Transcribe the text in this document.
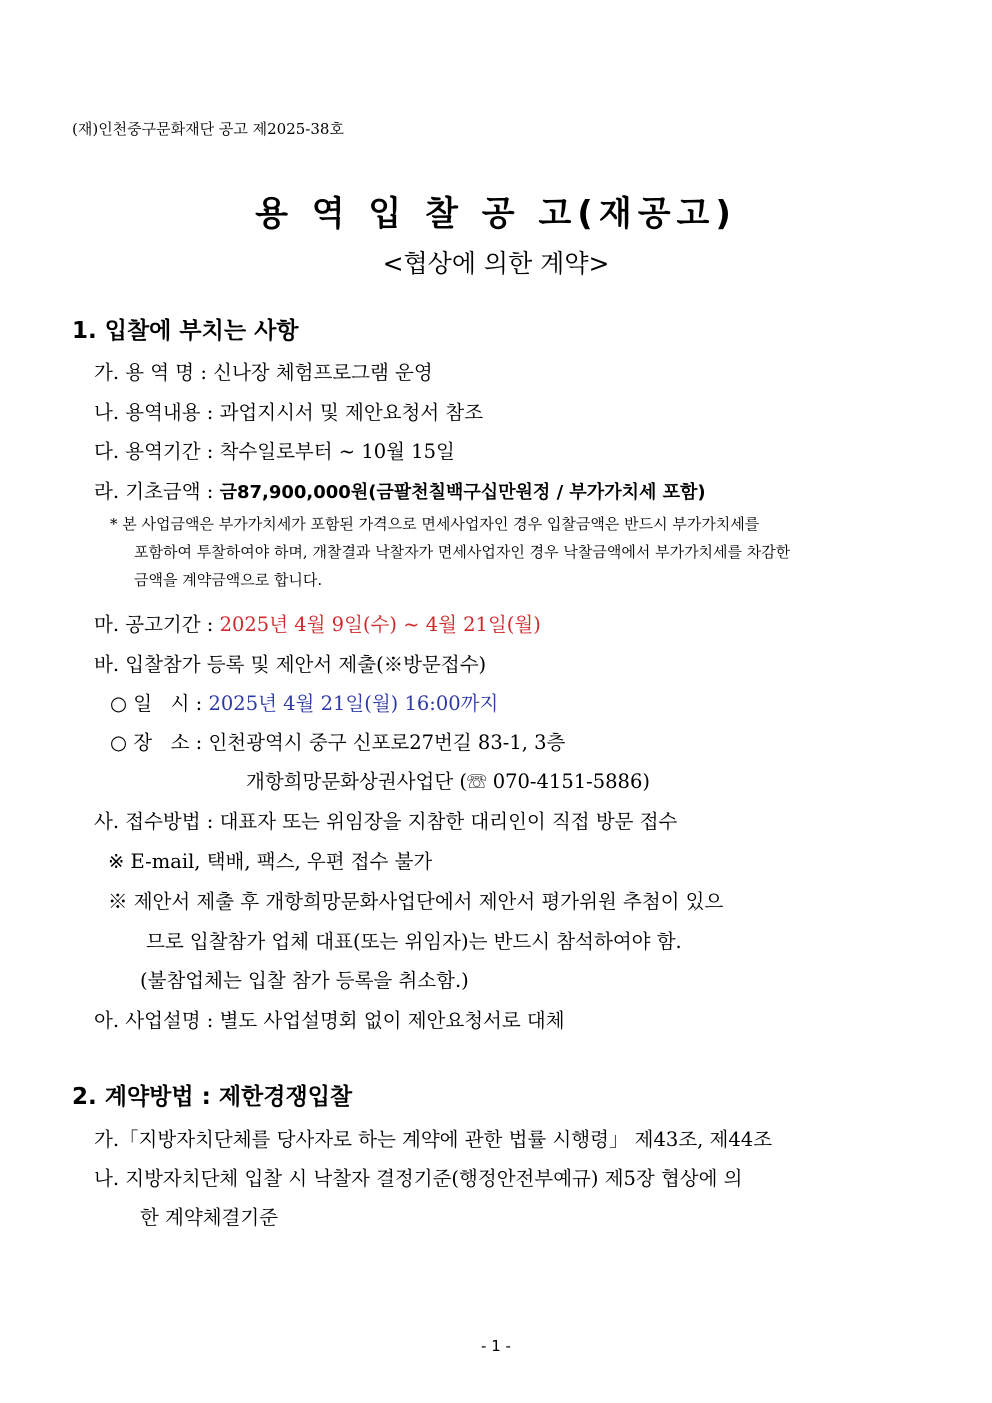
(재)인천중구문화재단 공고 제2025-38호
용 역 입 찰 공 고(재공고)
<협상에 의한 계약>
1. 입찰에 부치는 사항
가. 용 역 명 : 신나장 체험프로그램 운영
나. 용역내용 : 과업지시서 및 제안요청서 참조
다. 용역기간 : 착수일로부터 ~ 10월 15일
라. 기초금액 : 금87,900,000원(금팔천칠백구십만원정 / 부가가치세 포함)
* 본 사업금액은 부가가치세가 포함된 가격으로 면세사업자인 경우 입찰금액은 반드시 부가가치세를
포함하여 투찰하여야 하며, 개찰결과 낙찰자가 면세사업자인 경우 낙찰금액에서 부가가치세를 차감한
금액을 계약금액으로 합니다.
마. 공고기간 : 2025년 4월 9일(수) ~ 4월 21일(월)
바. 입찰참가 등록 및 제안서 제출(※방문접수)
○ 일   시 : 2025년 4월 21일(월) 16:00까지
○ 장   소 : 인천광역시 중구 신포로27번길 83-1, 3층
개항희망문화상권사업단 (☏ 070-4151-5886)
사. 접수방법 : 대표자 또는 위임장을 지참한 대리인이 직접 방문 접수
※ E-mail, 택배, 팩스, 우편 접수 불가
※ 제안서 제출 후 개항희망문화사업단에서 제안서 평가위원 추첨이 있으
므로 입찰참가 업체 대표(또는 위임자)는 반드시 참석하여야 함.
(불참업체는 입찰 참가 등록을 취소함.)
아. 사업설명 : 별도 사업설명회 없이 제안요청서로 대체
2. 계약방법 : 제한경쟁입찰
가.「지방자치단체를 당사자로 하는 계약에 관한 법률 시행령」 제43조, 제44조
나. 지방자치단체 입찰 시 낙찰자 결정기준(행정안전부예규) 제5장 협상에 의
한 계약체결기준
- 1 -
